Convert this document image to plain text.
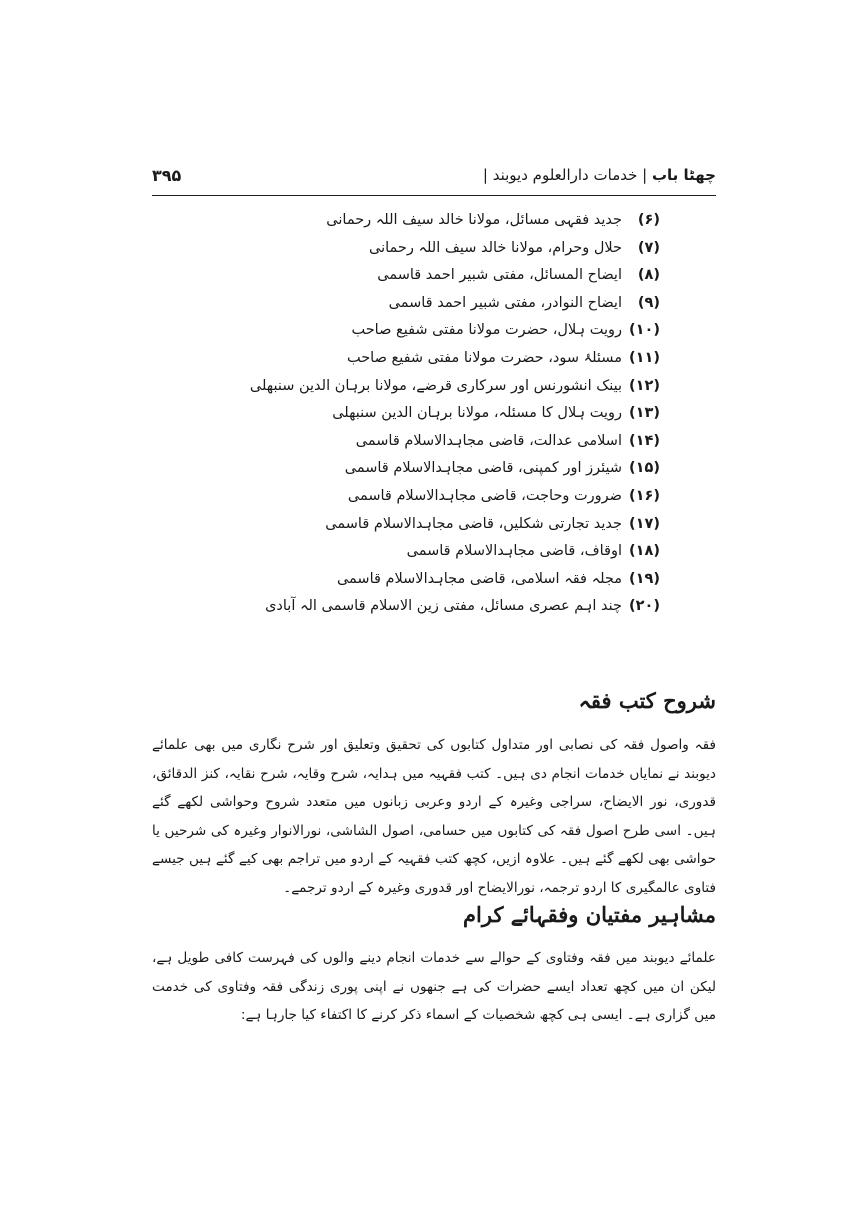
چھٹا باب
|
خدمات دارالعلوم دیوبند
|
۳۹۵
(۶)جدید فقہی مسائل، مولانا خالد سیف اللہ رحمانی
(۷)حلال وحرام، مولانا خالد سیف اللہ رحمانی
(۸)ایضاح المسائل، مفتی شبیر احمد قاسمی
(۹)ایضاح النوادر، مفتی شبیر احمد قاسمی
(۱۰)رویت ہلال، حضرت مولانا مفتی شفیع صاحب
(۱۱)مسئلۂ سود، حضرت مولانا مفتی شفیع صاحب
(۱۲)بینک انشورنس اور سرکاری قرضے، مولانا برہان الدین سنبھلی
(۱۳)رویت ہلال کا مسئلہ، مولانا برہان الدین سنبھلی
(۱۴)اسلامی عدالت، قاضی مجاہدالاسلام قاسمی
(۱۵)شیئرز اور کمپنی، قاضی مجاہدالاسلام قاسمی
(۱۶)ضرورت وحاجت، قاضی مجاہدالاسلام قاسمی
(۱۷)جدید تجارتی شکلیں، قاضی مجاہدالاسلام قاسمی
(۱۸)اوقاف، قاضی مجاہدالاسلام قاسمی
(۱۹)مجلہ فقہ اسلامی، قاضی مجاہدالاسلام قاسمی
(۲۰)چند اہم عصری مسائل، مفتی زین الاسلام قاسمی الہ آبادی
شروح کتب فقہ

فقہ واصول فقہ کی نصابی اور متداول کتابوں کی تحقیق وتعلیق اور شرح نگاری میں بھی علمائے دیوبند نے نمایاں خدمات انجام دی ہیں۔ کتب فقہیہ میں ہدایہ، شرح وقایہ، شرح نقایہ، کنز الدقائق، قدوری، نور الایضاح، سراجی وغیرہ کے اردو وعربی زبانوں میں متعدد شروح وحواشی لکھے گئے ہیں۔ اسی طرح اصول فقہ کی کتابوں میں حسامی، اصول الشاشی، نورالانوار وغیرہ کی شرحیں یا حواشی بھی لکھے گئے ہیں۔ علاوہ ازیں، کچھ کتب فقہیہ کے اردو میں تراجم بھی کیے گئے ہیں جیسے فتاوی عالمگیری کا اردو ترجمہ، نورالایضاح اور قدوری وغیرہ کے اردو ترجمے۔

مشاہیر مفتیان وفقہائے کرام

علمائے دیوبند میں فقہ وفتاوی کے حوالے سے خدمات انجام دینے والوں کی فہرست کافی طویل ہے، لیکن ان میں کچھ تعداد ایسے حضرات کی ہے جنھوں نے اپنی پوری زندگی فقہ وفتاوی کی خدمت میں گزاری ہے۔ ایسی ہی کچھ شخصیات کے اسماء ذکر کرنے کا اکتفاء کیا جارہا ہے:
